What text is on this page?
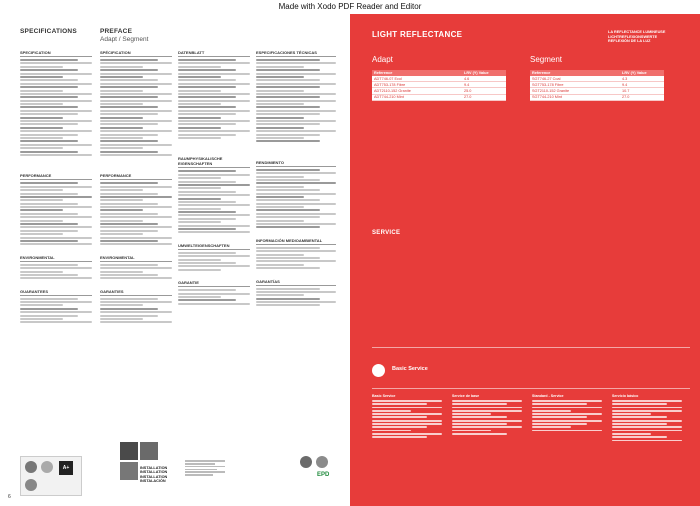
Made with Xodo PDF Reader and Editor
SPECIFICATIONS	PREFACE
Adapt / Segment
SPECIFICATION
PERFORMANCE
ENVIRONMENTAL
GUARANTEES
SPÉCIFICATION
PERFORMANCE
ENVIRONMENTAL
GARANTIES
DATENBLATT
RAUMPHYSIKALISCHE EIGENSCHAFTEN
UMWELTEIGENSCHAFTEN
GARANTIE
ESPECIFICACIONES TÉCNICAS
RENDIMIENTO
INFORMACIÓN MEDIOAMBIENTAL
GARANTÍAS
A+	INSTALLATION
INSTALLATION
INSTALLATION
INSTALACIÓN
EPD
6
LIGHT REFLECTANCE	LA REFLECTANCE LUMINEUSE
LICHTREFLEXIONSWERTE
REFLEXIÓN DE LA LUZ
Adapt
Reference	LRV (Y) Value
ADT746-07 Ecol	4.6
ADT753-178 Fibre	9.4
ADT2110-152 Granite	25.0
ADT744-210 Mint	27.0
Segment
Reference	LRV (Y) Value
SGT746-27 Coal	4.3
SGT753-178 Fibre	9.4
SGT2110-152 Granite	10.7
SGT744-210 Mint	27.0
SERVICE
Basic Service
Basic Service	Service de base	Standard - Service	Servicio básico
